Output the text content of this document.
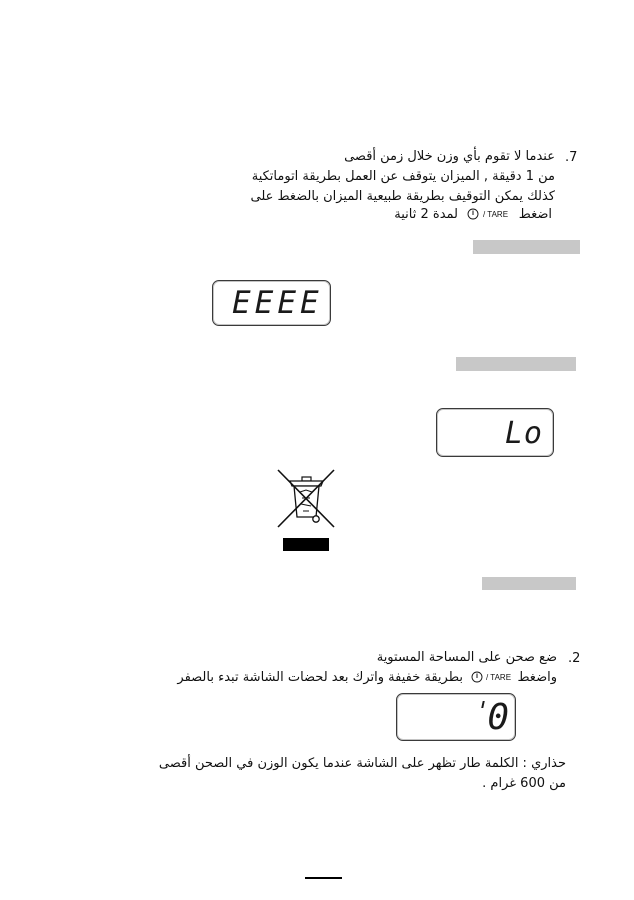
.7
عندما لا تقوم بأي وزن خلال زمن أقصى
من 1 دقيقة , الميزان يتوقف عن العمل بطريقة اتوماتكية
كذلك يمكن التوقيف بطريقة طبيعية الميزان بالضغط على
اضغط
/ TARE
لمدة 2 ثانية
EEEE
Lo
.2
ضع صحن على المساحة المستوية
واضغط
/ TARE
بطريقة خفيفة واترك بعد لحضات الشاشة تبدء بالصفر
0
حذاري : الكلمة طار تظهر على الشاشة عندما يكون الوزن في الصحن أقصى
من 600 غرام .
